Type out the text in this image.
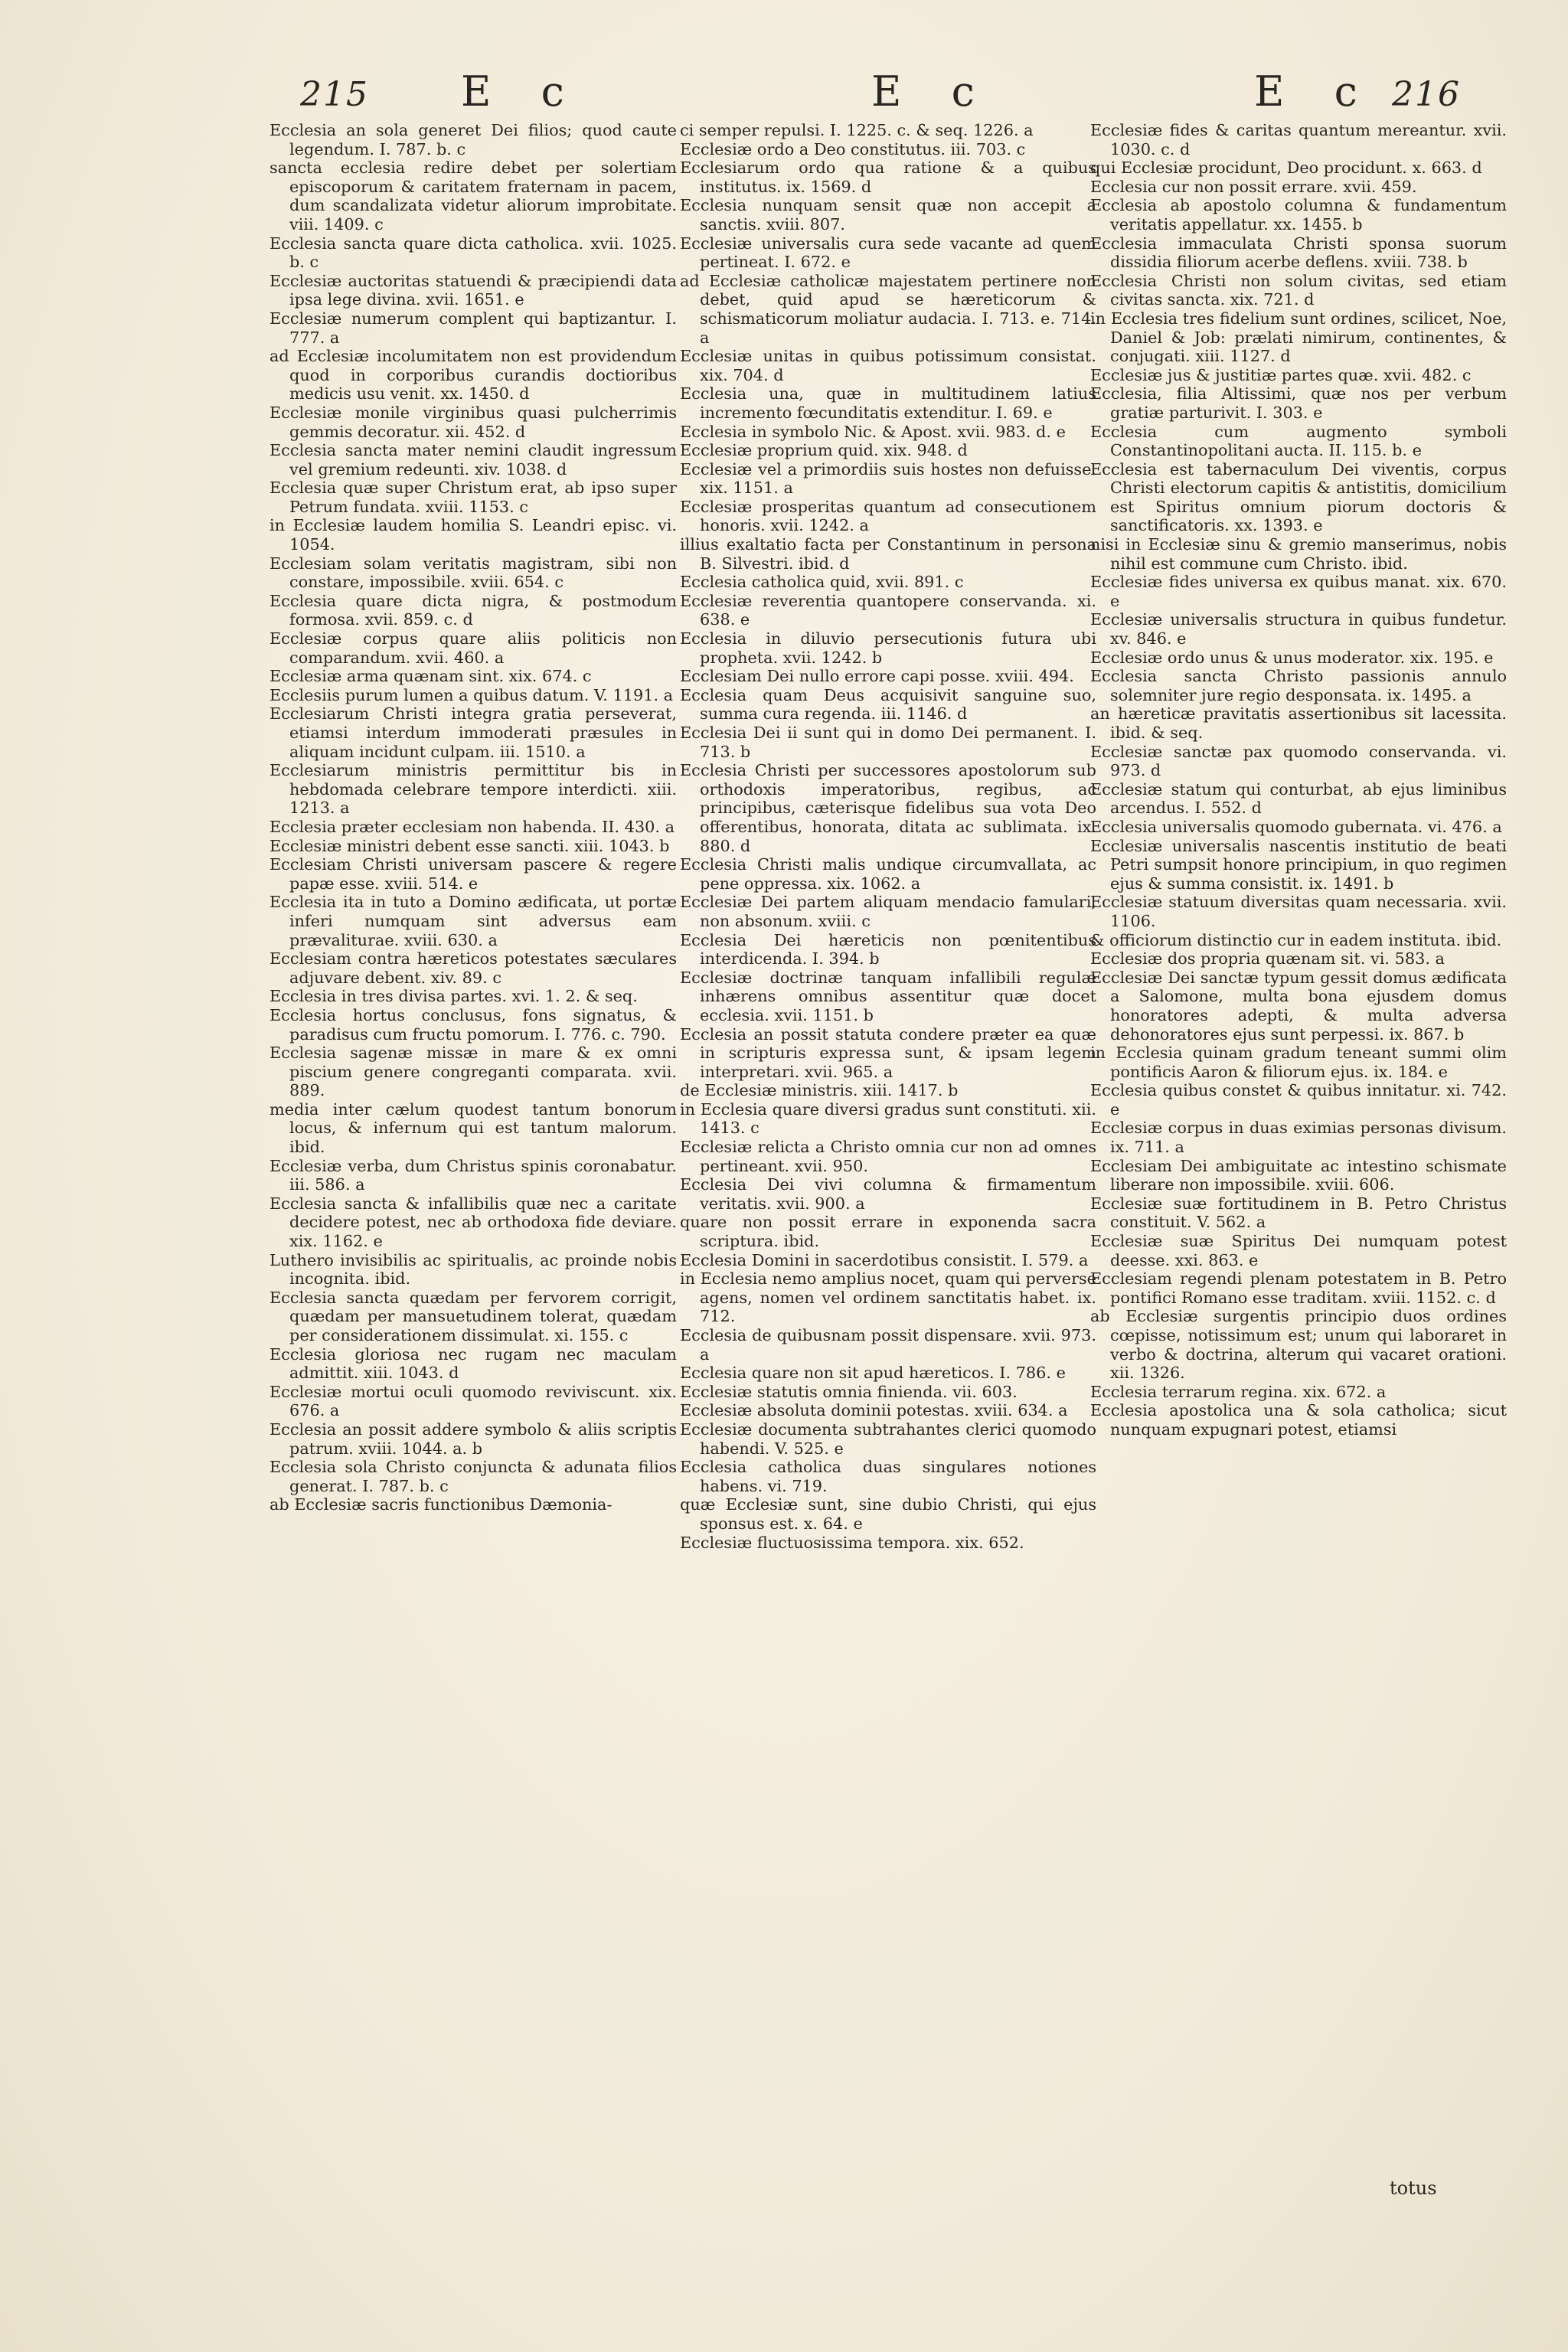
215 E c	E c	E c 216

Ecclesia an sola generet Dei filios; quod caute legendum. I. 787. b. c

sancta ecclesia redire debet per solertiam episcoporum & caritatem fraternam in pacem, dum scandalizata videtur aliorum improbitate. viii. 1409. c

Ecclesia sancta quare dicta catholica. xvii. 1025. b. c

Ecclesiæ auctoritas statuendi & præcipiendi data ipsa lege divina. xvii. 1651. e

Ecclesiæ numerum complent qui baptizantur. I. 777. a

ad Ecclesiæ incolumitatem non est providendum quod in corporibus curandis doctioribus medicis usu venit. xx. 1450. d

Ecclesiæ monile virginibus quasi pulcherrimis gemmis decoratur. xii. 452. d

Ecclesia sancta mater nemini claudit ingressum vel gremium redeunti. xiv. 1038. d

Ecclesia quæ super Christum erat, ab ipso super Petrum fundata. xviii. 1153. c

in Ecclesiæ laudem homilia S. Leandri episc. vi. 1054.

Ecclesiam solam veritatis magistram, sibi non constare, impossibile. xviii. 654. c

Ecclesia quare dicta nigra, & postmodum formosa. xvii. 859. c. d

Ecclesiæ corpus quare aliis politicis non comparandum. xvii. 460. a

Ecclesiæ arma quænam sint. xix. 674. c

Ecclesiis purum lumen a quibus datum. V. 1191. a

Ecclesiarum Christi integra gratia perseverat, etiamsi interdum immoderati præsules in aliquam incidunt culpam. iii. 1510. a

Ecclesiarum ministris permittitur bis in hebdomada celebrare tempore interdicti. xiii. 1213. a

Ecclesia præter ecclesiam non habenda. II. 430. a

Ecclesiæ ministri debent esse sancti. xiii. 1043. b

Ecclesiam Christi universam pascere & regere papæ esse. xviii. 514. e

Ecclesia ita in tuto a Domino ædificata, ut portæ inferi numquam sint adversus eam prævaliturae. xviii. 630. a

Ecclesiam contra hæreticos potestates sæculares adjuvare debent. xiv. 89. c

Ecclesia in tres divisa partes. xvi. 1. 2. & seq.

Ecclesia hortus conclusus, fons signatus, & paradisus cum fructu pomorum. I. 776. c. 790.

Ecclesia sagenæ missæ in mare & ex omni piscium genere congreganti comparata. xvii. 889.

media inter cælum quodest tantum bonorum locus, & infernum qui est tantum malorum. ibid.

Ecclesiæ verba, dum Christus spinis coronabatur. iii. 586. a

Ecclesia sancta & infallibilis quæ nec a caritate decidere potest, nec ab orthodoxa fide deviare. xix. 1162. e

Luthero invisibilis ac spiritualis, ac proinde nobis incognita. ibid.

Ecclesia sancta quædam per fervorem corrigit, quædam per mansuetudinem tolerat, quædam per considerationem dissimulat. xi. 155. c

Ecclesia gloriosa nec rugam nec maculam admittit. xiii. 1043. d

Ecclesiæ mortui oculi quomodo reviviscunt. xix. 676. a

Ecclesia an possit addere symbolo & aliis scriptis patrum. xviii. 1044. a. b

Ecclesia sola Christo conjuncta & adunata filios generat. I. 787. b. c

ab Ecclesiæ sacris functionibus Dæmonia-

ci semper repulsi. I. 1225. c. & seq. 1226. a

Ecclesiæ ordo a Deo constitutus. iii. 703. c

Ecclesiarum ordo qua ratione & a quibus institutus. ix. 1569. d

Ecclesia nunquam sensit quæ non accepit a sanctis. xviii. 807.

Ecclesiæ universalis cura sede vacante ad quem pertineat. I. 672. e

ad Ecclesiæ catholicæ majestatem pertinere non debet, quid apud se hæreticorum & schismaticorum moliatur audacia. I. 713. e. 714. a

Ecclesiæ unitas in quibus potissimum consistat. xix. 704. d

Ecclesia una, quæ in multitudinem latius incremento fœcunditatis extenditur. I. 69. e

Ecclesia in symbolo Nic. & Apost. xvii. 983. d. e

Ecclesiæ proprium quid. xix. 948. d

Ecclesiæ vel a primordiis suis hostes non defuisse. xix. 1151. a

Ecclesiæ prosperitas quantum ad consecutionem honoris. xvii. 1242. a

illius exaltatio facta per Constantinum in persona B. Silvestri. ibid. d

Ecclesia catholica quid, xvii. 891. c

Ecclesiæ reverentia quantopere conservanda. xi. 638. e

Ecclesia in diluvio persecutionis futura ubi propheta. xvii. 1242. b

Ecclesiam Dei nullo errore capi posse. xviii. 494.

Ecclesia quam Deus acquisivit sanguine suo, summa cura regenda. iii. 1146. d

Ecclesia Dei ii sunt qui in domo Dei permanent. I. 713. b

Ecclesia Christi per successores apostolorum sub orthodoxis imperatoribus, regibus, ac principibus, cæterisque fidelibus sua vota Deo offerentibus, honorata, ditata ac sublimata. ix. 880. d

Ecclesia Christi malis undique circumvallata, ac pene oppressa. xix. 1062. a

Ecclesiæ Dei partem aliquam mendacio famulari, non absonum. xviii. c

Ecclesia Dei hæreticis non pœnitentibus interdicenda. I. 394. b

Ecclesiæ doctrinæ tanquam infallibili regulæ inhærens omnibus assentitur quæ docet ecclesia. xvii. 1151. b

Ecclesia an possit statuta condere præter ea quæ in scripturis expressa sunt, & ipsam legem interpretari. xvii. 965. a

de Ecclesiæ ministris. xiii. 1417. b

in Ecclesia quare diversi gradus sunt constituti. xii. 1413. c

Ecclesiæ relicta a Christo omnia cur non ad omnes pertineant. xvii. 950.

Ecclesia Dei vivi columna & firmamentum veritatis. xvii. 900. a

quare non possit errare in exponenda sacra scriptura. ibid.

Ecclesia Domini in sacerdotibus consistit. I. 579. a

in Ecclesia nemo amplius nocet, quam qui perverse agens, nomen vel ordinem sanctitatis habet. ix. 712.

Ecclesia de quibusnam possit dispensare. xvii. 973. a

Ecclesia quare non sit apud hæreticos. I. 786. e

Ecclesiæ statutis omnia finienda. vii. 603.

Ecclesiæ absoluta dominii potestas. xviii. 634. a

Ecclesiæ documenta subtrahantes clerici quomodo habendi. V. 525. e

Ecclesia catholica duas singulares notiones habens. vi. 719.

quæ Ecclesiæ sunt, sine dubio Christi, qui ejus sponsus est. x. 64. e

Ecclesiæ fluctuosissima tempora. xix. 652.

Ecclesiæ fides & caritas quantum mereantur. xvii. 1030. c. d

qui Ecclesiæ procidunt, Deo procidunt. x. 663. d

Ecclesia cur non possit errare. xvii. 459.

Ecclesia ab apostolo columna & fundamentum veritatis appellatur. xx. 1455. b

Ecclesia immaculata Christi sponsa suorum dissidia filiorum acerbe deflens. xviii. 738. b

Ecclesia Christi non solum civitas, sed etiam civitas sancta. xix. 721. d

in Ecclesia tres fidelium sunt ordines, scilicet, Noe, Daniel & Job: prælati nimirum, continentes, & conjugati. xiii. 1127. d

Ecclesiæ jus & justitiæ partes quæ. xvii. 482. c

Ecclesia, filia Altissimi, quæ nos per verbum gratiæ parturivit. I. 303. e

Ecclesia cum augmento symboli Constantinopolitani aucta. II. 115. b. e

Ecclesia est tabernaculum Dei viventis, corpus Christi electorum capitis & antistitis, domicilium est Spiritus omnium piorum doctoris & sanctificatoris. xx. 1393. e

nisi in Ecclesiæ sinu & gremio manserimus, nobis nihil est commune cum Christo. ibid.

Ecclesiæ fides universa ex quibus manat. xix. 670. e

Ecclesiæ universalis structura in quibus fundetur. xv. 846. e

Ecclesiæ ordo unus & unus moderator. xix. 195. e

Ecclesia sancta Christo passionis annulo solemniter jure regio desponsata. ix. 1495. a

an hæreticæ pravitatis assertionibus sit lacessita. ibid. & seq.

Ecclesiæ sanctæ pax quomodo conservanda. vi. 973. d

Ecclesiæ statum qui conturbat, ab ejus liminibus arcendus. I. 552. d

Ecclesia universalis quomodo gubernata. vi. 476. a

Ecclesiæ universalis nascentis institutio de beati Petri sumpsit honore principium, in quo regimen ejus & summa consistit. ix. 1491. b

Ecclesiæ statuum diversitas quam necessaria. xvii. 1106.

& officiorum distinctio cur in eadem instituta. ibid.

Ecclesiæ dos propria quænam sit. vi. 583. a

Ecclesiæ Dei sanctæ typum gessit domus ædificata a Salomone, multa bona ejusdem domus honoratores adepti, & multa adversa dehonoratores ejus sunt perpessi. ix. 867. b

in Ecclesia quinam gradum teneant summi olim pontificis Aaron & filiorum ejus. ix. 184. e

Ecclesia quibus constet & quibus innitatur. xi. 742. e

Ecclesiæ corpus in duas eximias personas divisum. ix. 711. a

Ecclesiam Dei ambiguitate ac intestino schismate liberare non impossibile. xviii. 606.

Ecclesiæ suæ fortitudinem in B. Petro Christus constituit. V. 562. a

Ecclesiæ suæ Spiritus Dei numquam potest deesse. xxi. 863. e

Ecclesiam regendi plenam potestatem in B. Petro pontifici Romano esse traditam. xviii. 1152. c. d

ab Ecclesiæ surgentis principio duos ordines cœpisse, notissimum est; unum qui laboraret in verbo & doctrina, alterum qui vacaret orationi. xii. 1326.

Ecclesia terrarum regina. xix. 672. a

Ecclesia apostolica una & sola catholica; sicut nunquam expugnari potest, etiamsi

totus
